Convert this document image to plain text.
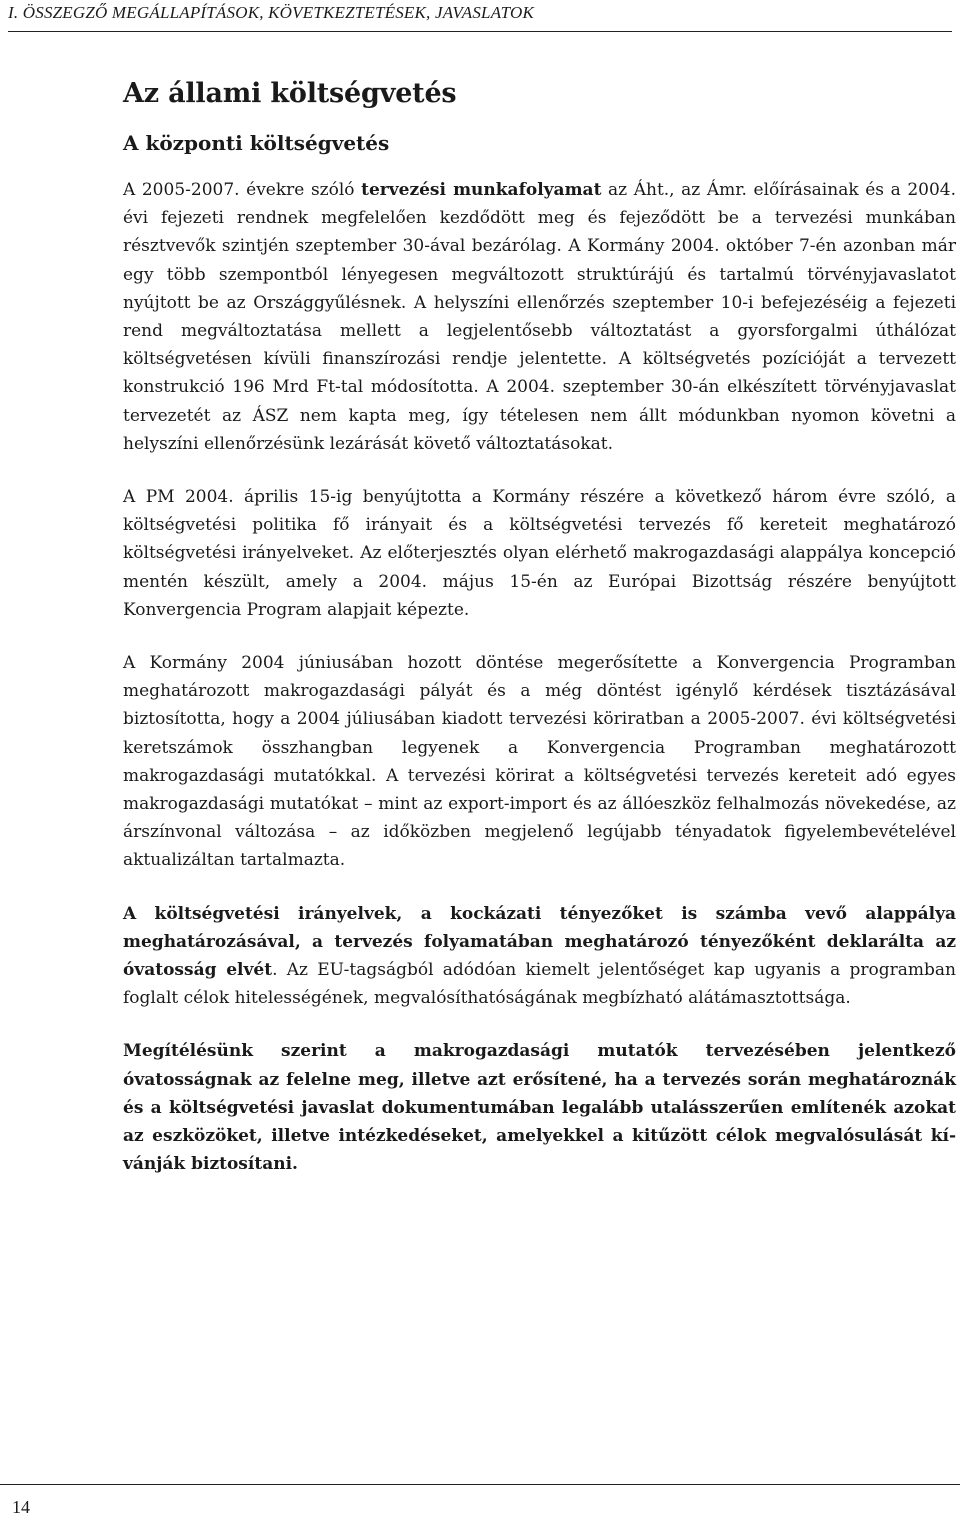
I. ÖSSZEGZŐ MEGÁLLAPÍTÁSOK, KÖVETKEZTETÉSEK, JAVASLATOK
Az állami költségvetés
A központi költségvetés

A 2005-2007. évekre szóló tervezési munkafolyamat az Áht., az Ámr. előírásainak és a 2004. évi fejezeti rendnek megfelelően kezdődött meg és fejeződött be a tervezési munkában résztvevők szintjén szeptember 30-ával bezárólag. A Kormány 2004. október 7-én azonban már egy több szempontból lényegesen megváltozott struktúrájú és tartalmú törvényjavaslatot nyújtott be az Országgyűlésnek. A helyszíni ellenőrzés szeptember 10-i befejezéséig a fejezeti rend megváltoztatása mellett a legjelentősebb változtatást a gyorsforgalmi úthálózat költségvetésen kívüli finanszírozási rendje jelentette. A költségvetés pozícióját a tervezett konstrukció 196 Mrd Ft-tal módosította. A 2004. szeptember 30-án elkészített törvényjavaslat tervezetét az ÁSZ nem kapta meg, így tételesen nem állt módunkban nyomon követni a helyszíni ellenőrzésünk lezárását követő változtatásokat.

A PM 2004. április 15-ig benyújtotta a Kormány részére a következő három évre szóló, a költségvetési politika fő irányait és a költségvetési tervezés fő kereteit meghatározó költségvetési irányelveket. Az előterjesztés olyan elérhető makrogazdasági alappálya koncepció mentén készült, amely a 2004. május 15-én az Európai Bizottság részére benyújtott Konvergencia Program alapjait képezte.

A Kormány 2004 júniusában hozott döntése megerősítette a Konvergencia Programban meghatározott makrogazdasági pályát és a még döntést igénylő kérdések tisztázásával biztosította, hogy a 2004 júliusában kiadott tervezési köriratban a 2005-2007. évi költségvetési keretszámok összhangban legyenek a Konvergencia Programban meghatározott makrogazdasági mutatókkal. A tervezési körirat a költségvetési tervezés kereteit adó egyes makrogazdasági mutatókat – mint az export-import és az állóeszköz felhalmozás növekedése, az árszínvonal változása – az időközben megjelenő legújabb tényadatok figyelembevételével aktualizáltan tartalmazta.

A költségvetési irányelvek, a kockázati tényezőket is számba vevő alappálya meghatározásával, a tervezés folyamatában meghatározó tényezőként deklarálta az óvatosság elvét. Az EU-tagságból adódóan kiemelt jelentőséget kap ugyanis a programban foglalt célok hitelességének, megvalósíthatóságának megbízható alátámasztottsága.

Megítélésünk szerint a makrogazdasági mutatók tervezésében jelentkező óvatosságnak az felelne meg, illetve azt erősítené, ha a tervezés során meghatároznák és a költségvetési javaslat dokumentumában legalább utalásszerűen említenék azokat az eszközöket, illetve intézkedéseket, amelyekkel a kitűzött célok megvalósulását kívánják biztosítani.

14
